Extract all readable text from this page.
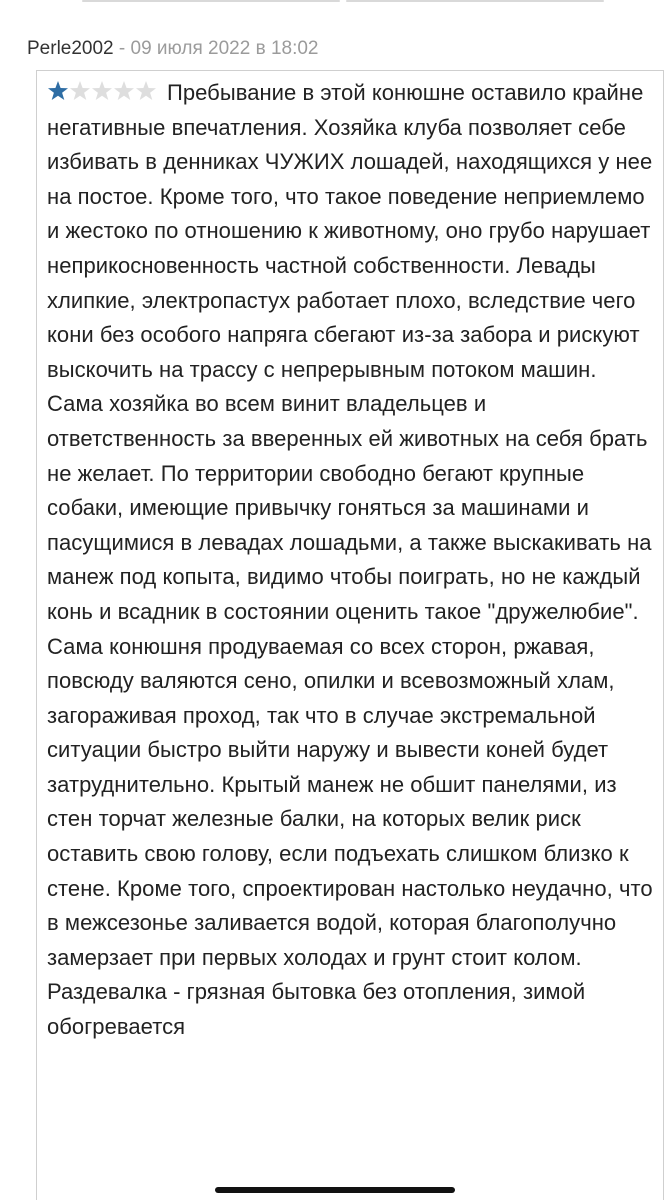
Perle2002 - 09 июля 2022 в 18:02

Пребывание в этой конюшне оставило крайне негативные впечатления. Хозяйка клуба позволяет себе избивать в денниках ЧУЖИХ лошадей, находящихся у нее на постое. Кроме того, что такое поведение неприемлемо и жестоко по отношению к животному, оно грубо нарушает неприкосновенность частной собственности. Левады хлипкие, электропастух работает плохо, вследствие чего кони без особого напряга сбегают из-за забора и рискуют выскочить на трассу с непрерывным потоком машин. Сама хозяйка во всем винит владельцев и ответственность за вверенных ей животных на себя брать не желает. По территории свободно бегают крупные собаки, имеющие привычку гоняться за машинами и пасущимися в левадах лошадьми, а также выскакивать на манеж под копыта, видимо чтобы поиграть, но не каждый конь и всадник в состоянии оценить такое "дружелюбие".
Сама конюшня продуваемая со всех сторон, ржавая, повсюду валяются сено, опилки и всевозможный хлам, загораживая проход, так что в случае экстремальной ситуации быстро выйти наружу и вывести коней будет затруднительно. Крытый манеж не обшит панелями, из стен торчат железные балки, на которых велик риск оставить свою голову, если подъехать слишком близко к стене. Кроме того, спроектирован настолько неудачно, что в межсезонье заливается водой, которая благополучно замерзает при первых холодах и грунт стоит колом. Раздевалка - грязная бытовка без отопления, зимой обогревается
